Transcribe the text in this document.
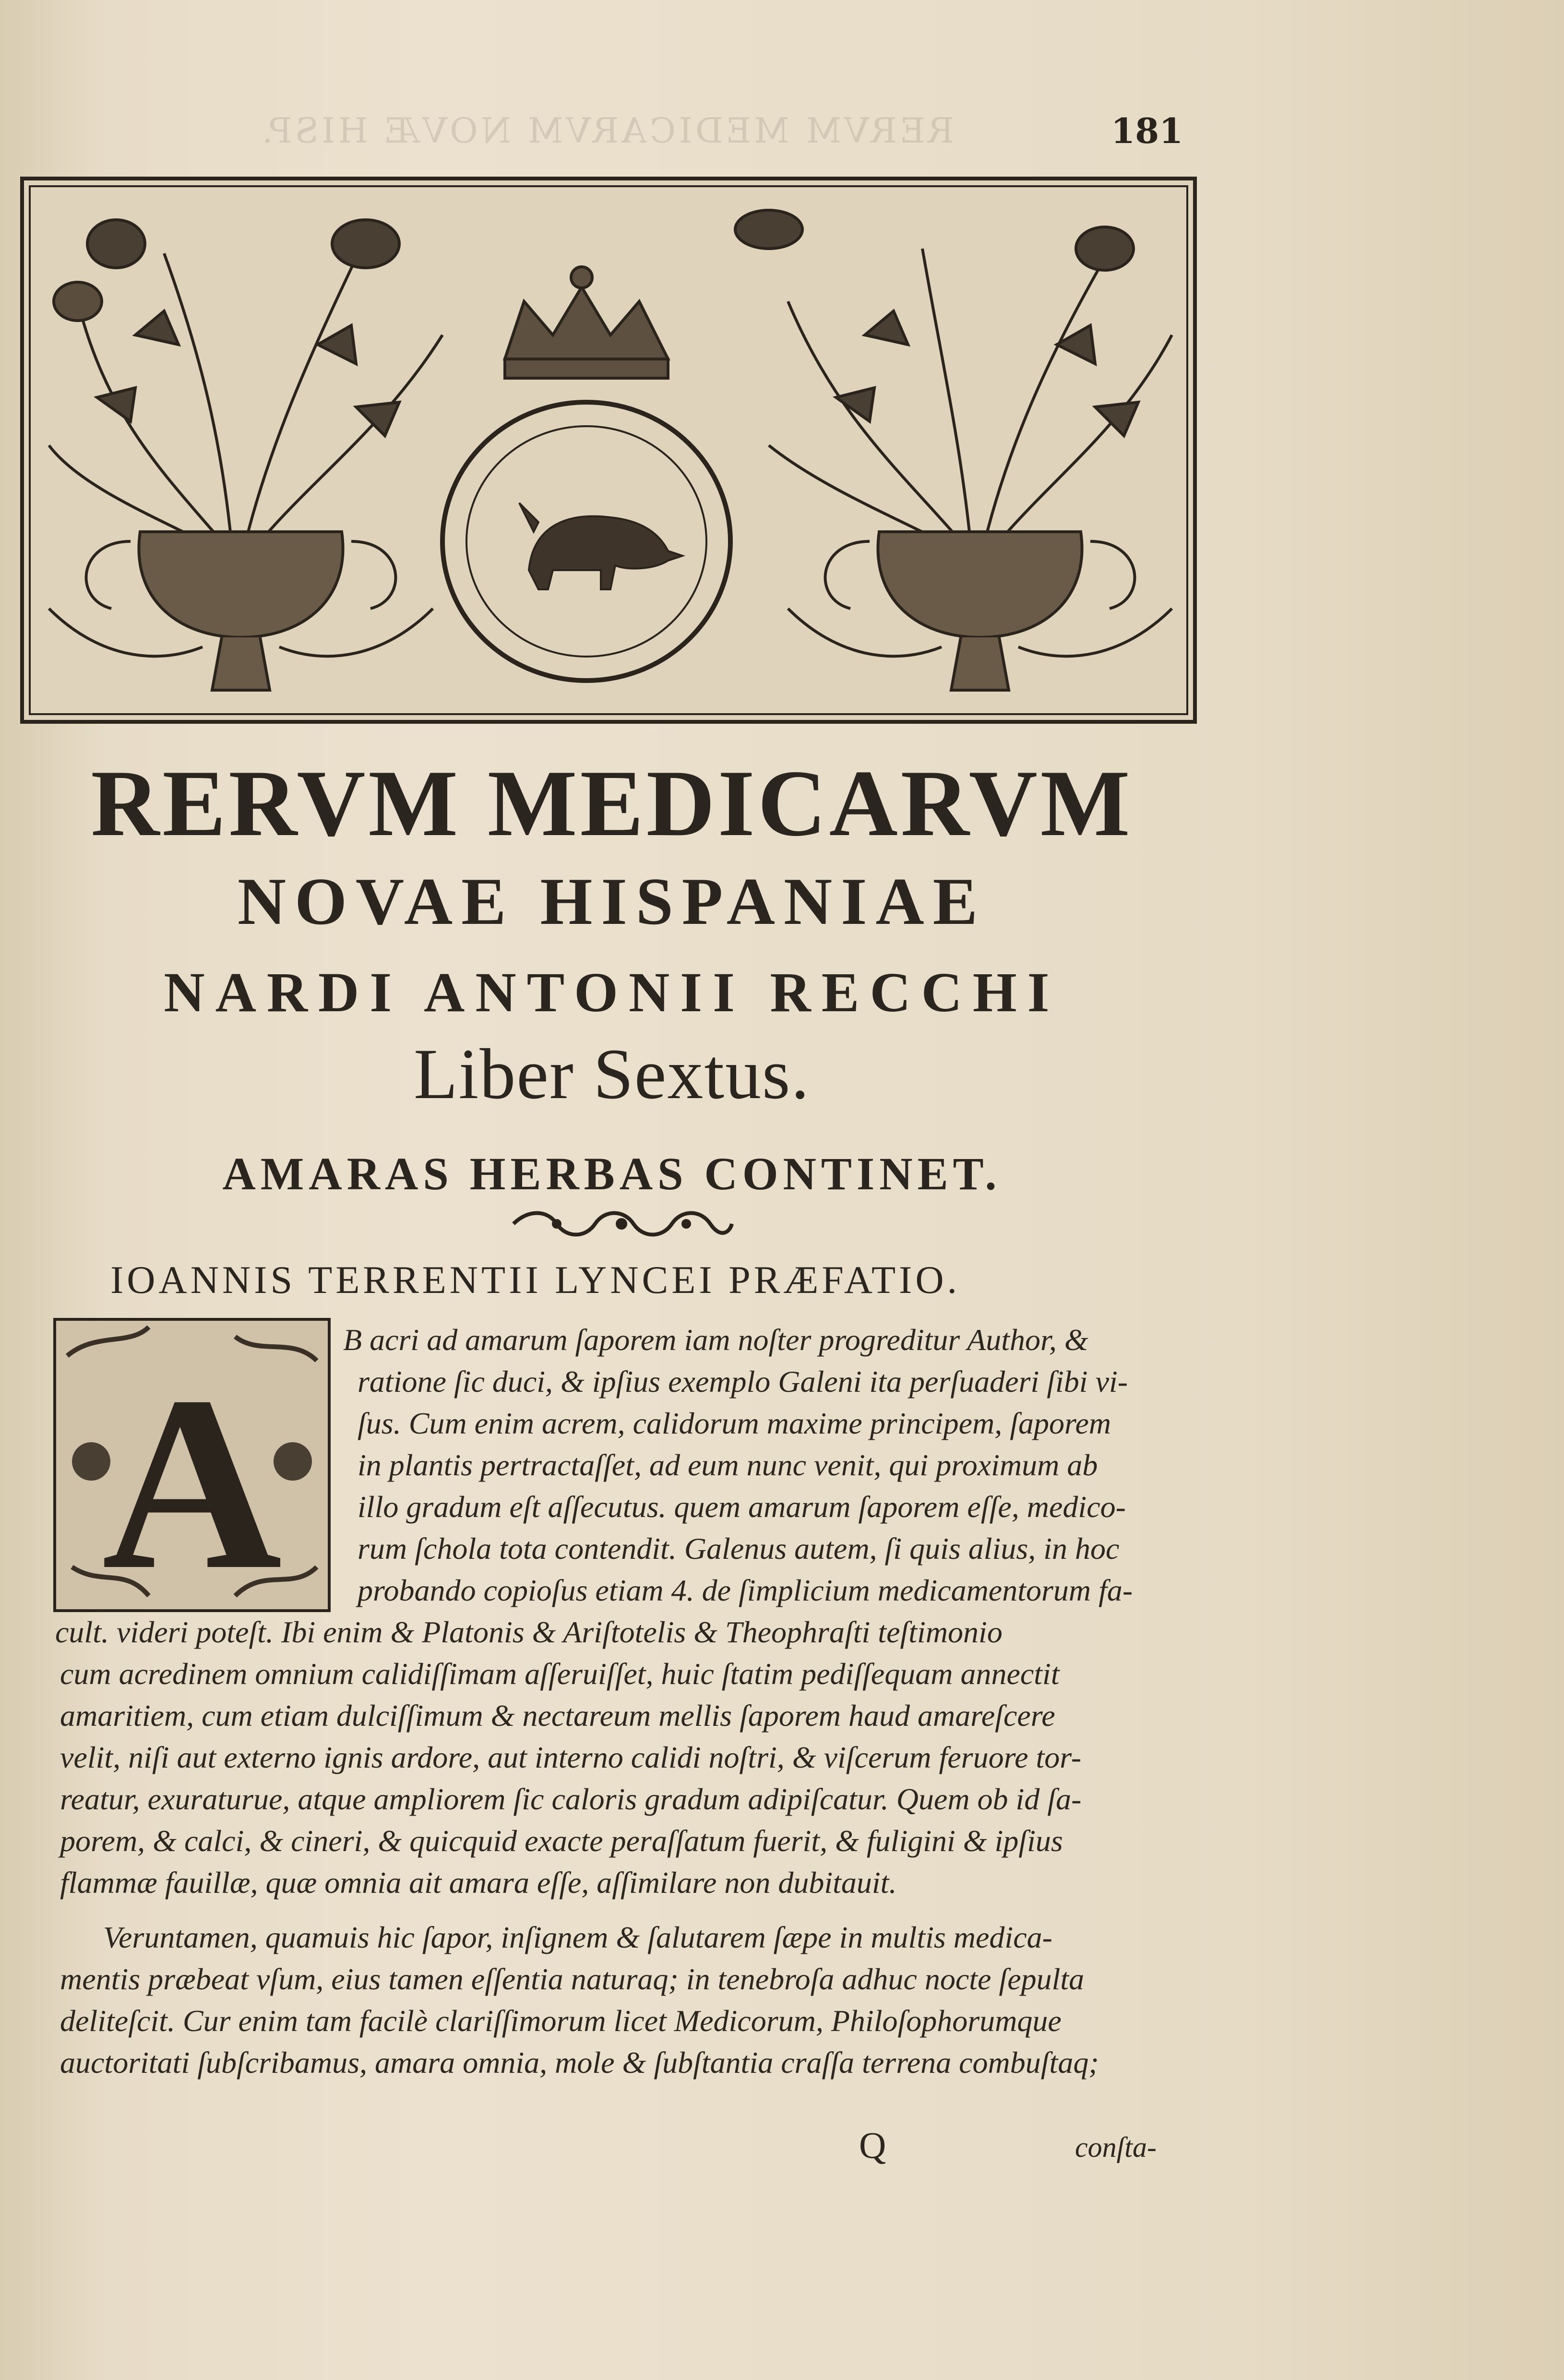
RERVM MEDICARVM NOVÆ HISP.	181
RERVM MEDICARVM
NOVAE HISPANIAE
NARDI ANTONII RECCHI
Liber Sextus.
AMARAS HERBAS CONTINET.
IOANNIS TERRENTII LYNCEI PRÆFATIO.
A
B acri ad amarum ſaporem iam noſter progreditur Author, &
ratione ſic duci, & ipſius exemplo Galeni ita perſuaderi ſibi vi-
ſus. Cum enim acrem, calidorum maxime principem, ſaporem
in plantis pertractaſſet, ad eum nunc venit, qui proximum ab
illo gradum eſt aſſecutus. quem amarum ſaporem eſſe, medico-
rum ſchola tota contendit. Galenus autem, ſi quis alius, in hoc
probando copioſus etiam 4. de ſimplicium medicamentorum fa-
cult. videri poteſt. Ibi enim & Platonis & Ariſtotelis & Theophraſti teſtimonio
cum acredinem omnium calidiſſimam aſſeruiſſet, huic ſtatim pediſſequam annectit
amaritiem, cum etiam dulciſſimum & nectareum mellis ſaporem haud amareſcere
velit, niſi aut externo ignis ardore, aut interno calidi noſtri, & viſcerum feruore tor-
reatur, exuraturue, atque ampliorem ſic caloris gradum adipiſcatur. Quem ob id ſa-
porem, & calci, & cineri, & quicquid exacte peraſſatum fuerit, & fuligini & ipſius
flammæ fauillæ, quæ omnia ait amara eſſe, aſſimilare non dubitauit.
Veruntamen, quamuis hic ſapor, inſignem & ſalutarem ſæpe in multis medica-
mentis præbeat vſum, eius tamen eſſentia naturaq; in tenebroſa adhuc nocte ſepulta
deliteſcit. Cur enim tam facilè clariſſimorum licet Medicorum, Philoſophorumque
auctoritati ſubſcribamus, amara omnia, mole & ſubſtantia craſſa terrena combuſtaq;
Q	conſta-
